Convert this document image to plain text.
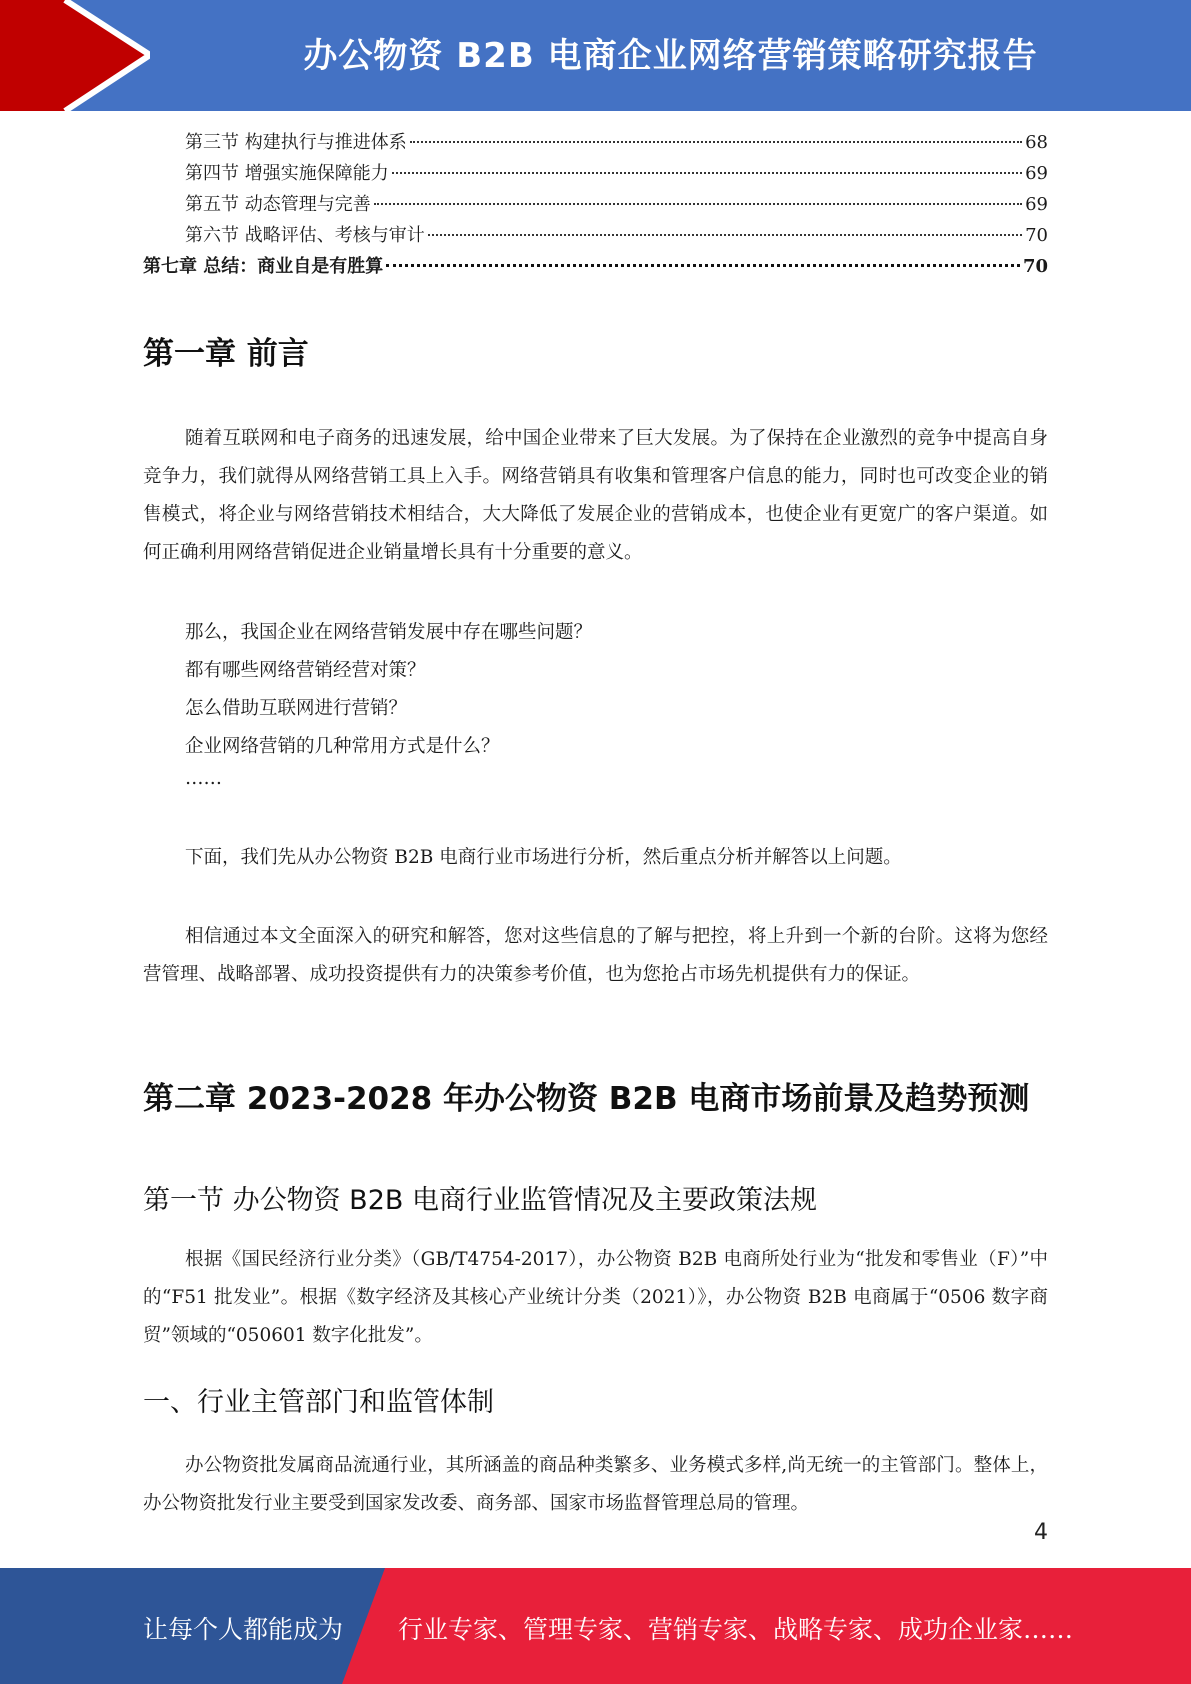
办公物资 B2B 电商企业网络营销策略研究报告
第三节 构建执行与推进体系	68
第四节 增强实施保障能力	69
第五节 动态管理与完善	69
第六节 战略评估、考核与审计	70
第七章 总结：商业自是有胜算	70
第一章 前言
随着互联网和电子商务的迅速发展，给中国企业带来了巨大发展。为了保持在企业激烈的竞争中提高自身竞争力，我们就得从网络营销工具上入手。网络营销具有收集和管理客户信息的能力，同时也可改变企业的销售模式，将企业与网络营销技术相结合，大大降低了发展企业的营销成本，也使企业有更宽广的客户渠道。如何正确利用网络营销促进企业销量增长具有十分重要的意义。
那么，我国企业在网络营销发展中存在哪些问题？
都有哪些网络营销经营对策？
怎么借助互联网进行营销？
企业网络营销的几种常用方式是什么？
……
下面，我们先从办公物资 B2B 电商行业市场进行分析，然后重点分析并解答以上问题。
相信通过本文全面深入的研究和解答，您对这些信息的了解与把控，将上升到一个新的台阶。这将为您经营管理、战略部署、成功投资提供有力的决策参考价值，也为您抢占市场先机提供有力的保证。
第二章 2023-2028 年办公物资 B2B 电商市场前景及趋势预测
第一节 办公物资 B2B 电商行业监管情况及主要政策法规
根据《国民经济行业分类》（GB/T4754-2017），办公物资 B2B 电商所处行业为“批发和零售业（F）”中的“F51 批发业”。根据《数字经济及其核心产业统计分类（2021）》，办公物资 B2B 电商属于“0506 数字商贸”领域的“050601 数字化批发”。
一、行业主管部门和监管体制
办公物资批发属商品流通行业，其所涵盖的商品种类繁多、业务模式多样,尚无统一的主管部门。整体上，办公物资批发行业主要受到国家发改委、商务部、国家市场监督管理总局的管理。
4
让每个人都能成为 行业专家、管理专家、营销专家、战略专家、成功企业家……
